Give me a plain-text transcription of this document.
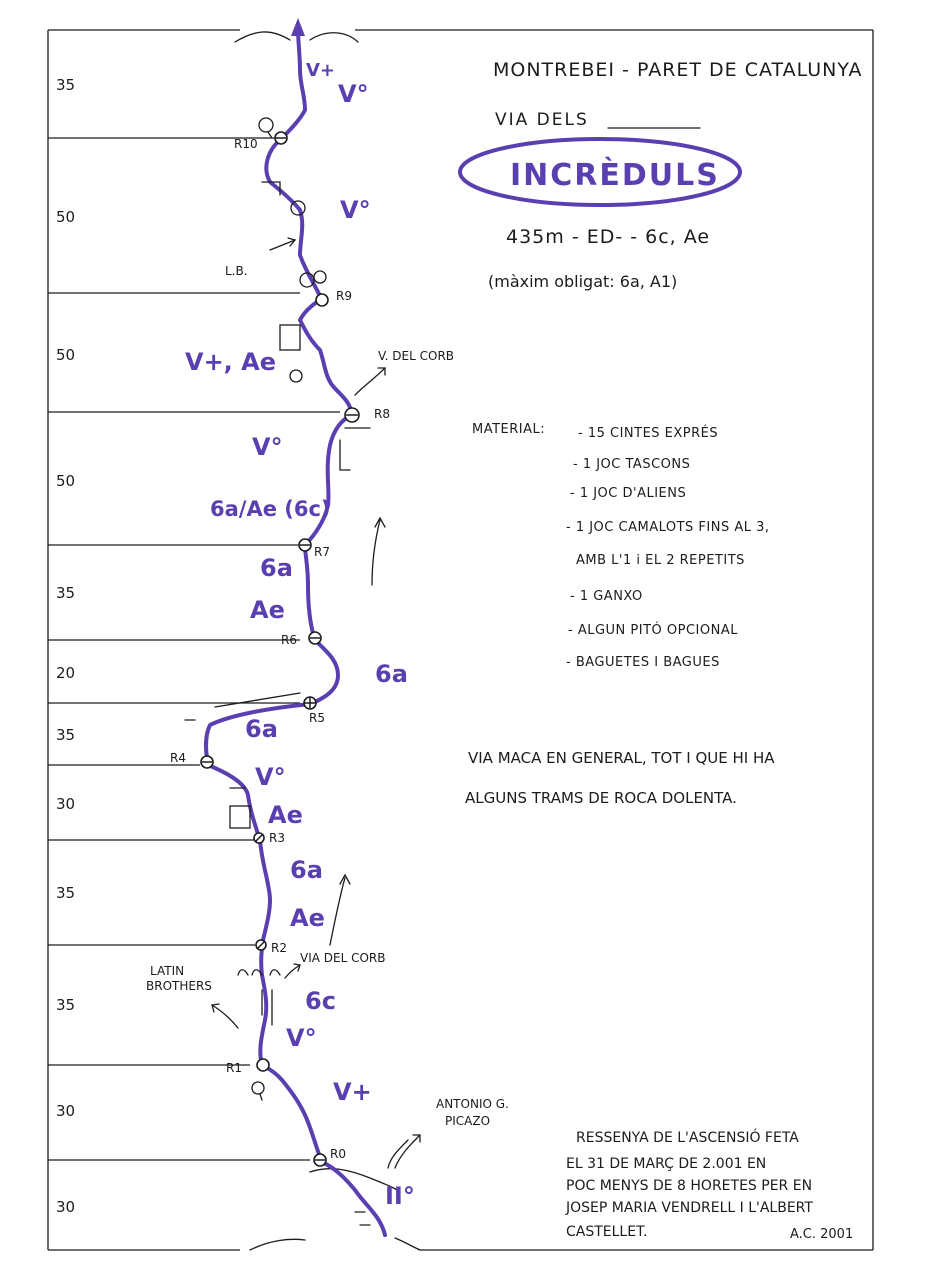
35
50
50
50
35
20
35
30
35
35
30
30
R10
R9
R8
R7
R6
R5
R4
R3
R2
R1
R0
V+
V°
V°
V+, Ae
V°
6a/Ae (6c)
6a
Ae
6a
6a
V°
Ae
6a
Ae
6c
V°
V+
II°
L.B.
V. DEL CORB
VIA DEL CORB
LATIN
BROTHERS
ANTONIO G.
PICAZO
MONTREBEI - PARET DE CATALUNYA
VIA DELS
INCRÈDULS
435m - ED- - 6c, Ae
(màxim obligat: 6a, A1)
MATERIAL:	- 15 CINTES EXPRÉS
- 1 JOC TASCONS
- 1 JOC D'ALIENS
- 1 JOC CAMALOTS FINS AL 3,
AMB L'1 i EL 2 REPETITS
- 1 GANXO
- ALGUN PITÓ OPCIONAL
- BAGUETES I BAGUES
VIA MACA EN GENERAL, TOT I QUE HI HA
ALGUNS TRAMS DE ROCA DOLENTA.
RESSENYA DE L'ASCENSIÓ FETA
EL 31 DE MARÇ DE 2.001 EN
POC MENYS DE 8 HORETES PER EN
JOSEP MARIA VENDRELL I L'ALBERT
CASTELLET.	A.C. 2001
